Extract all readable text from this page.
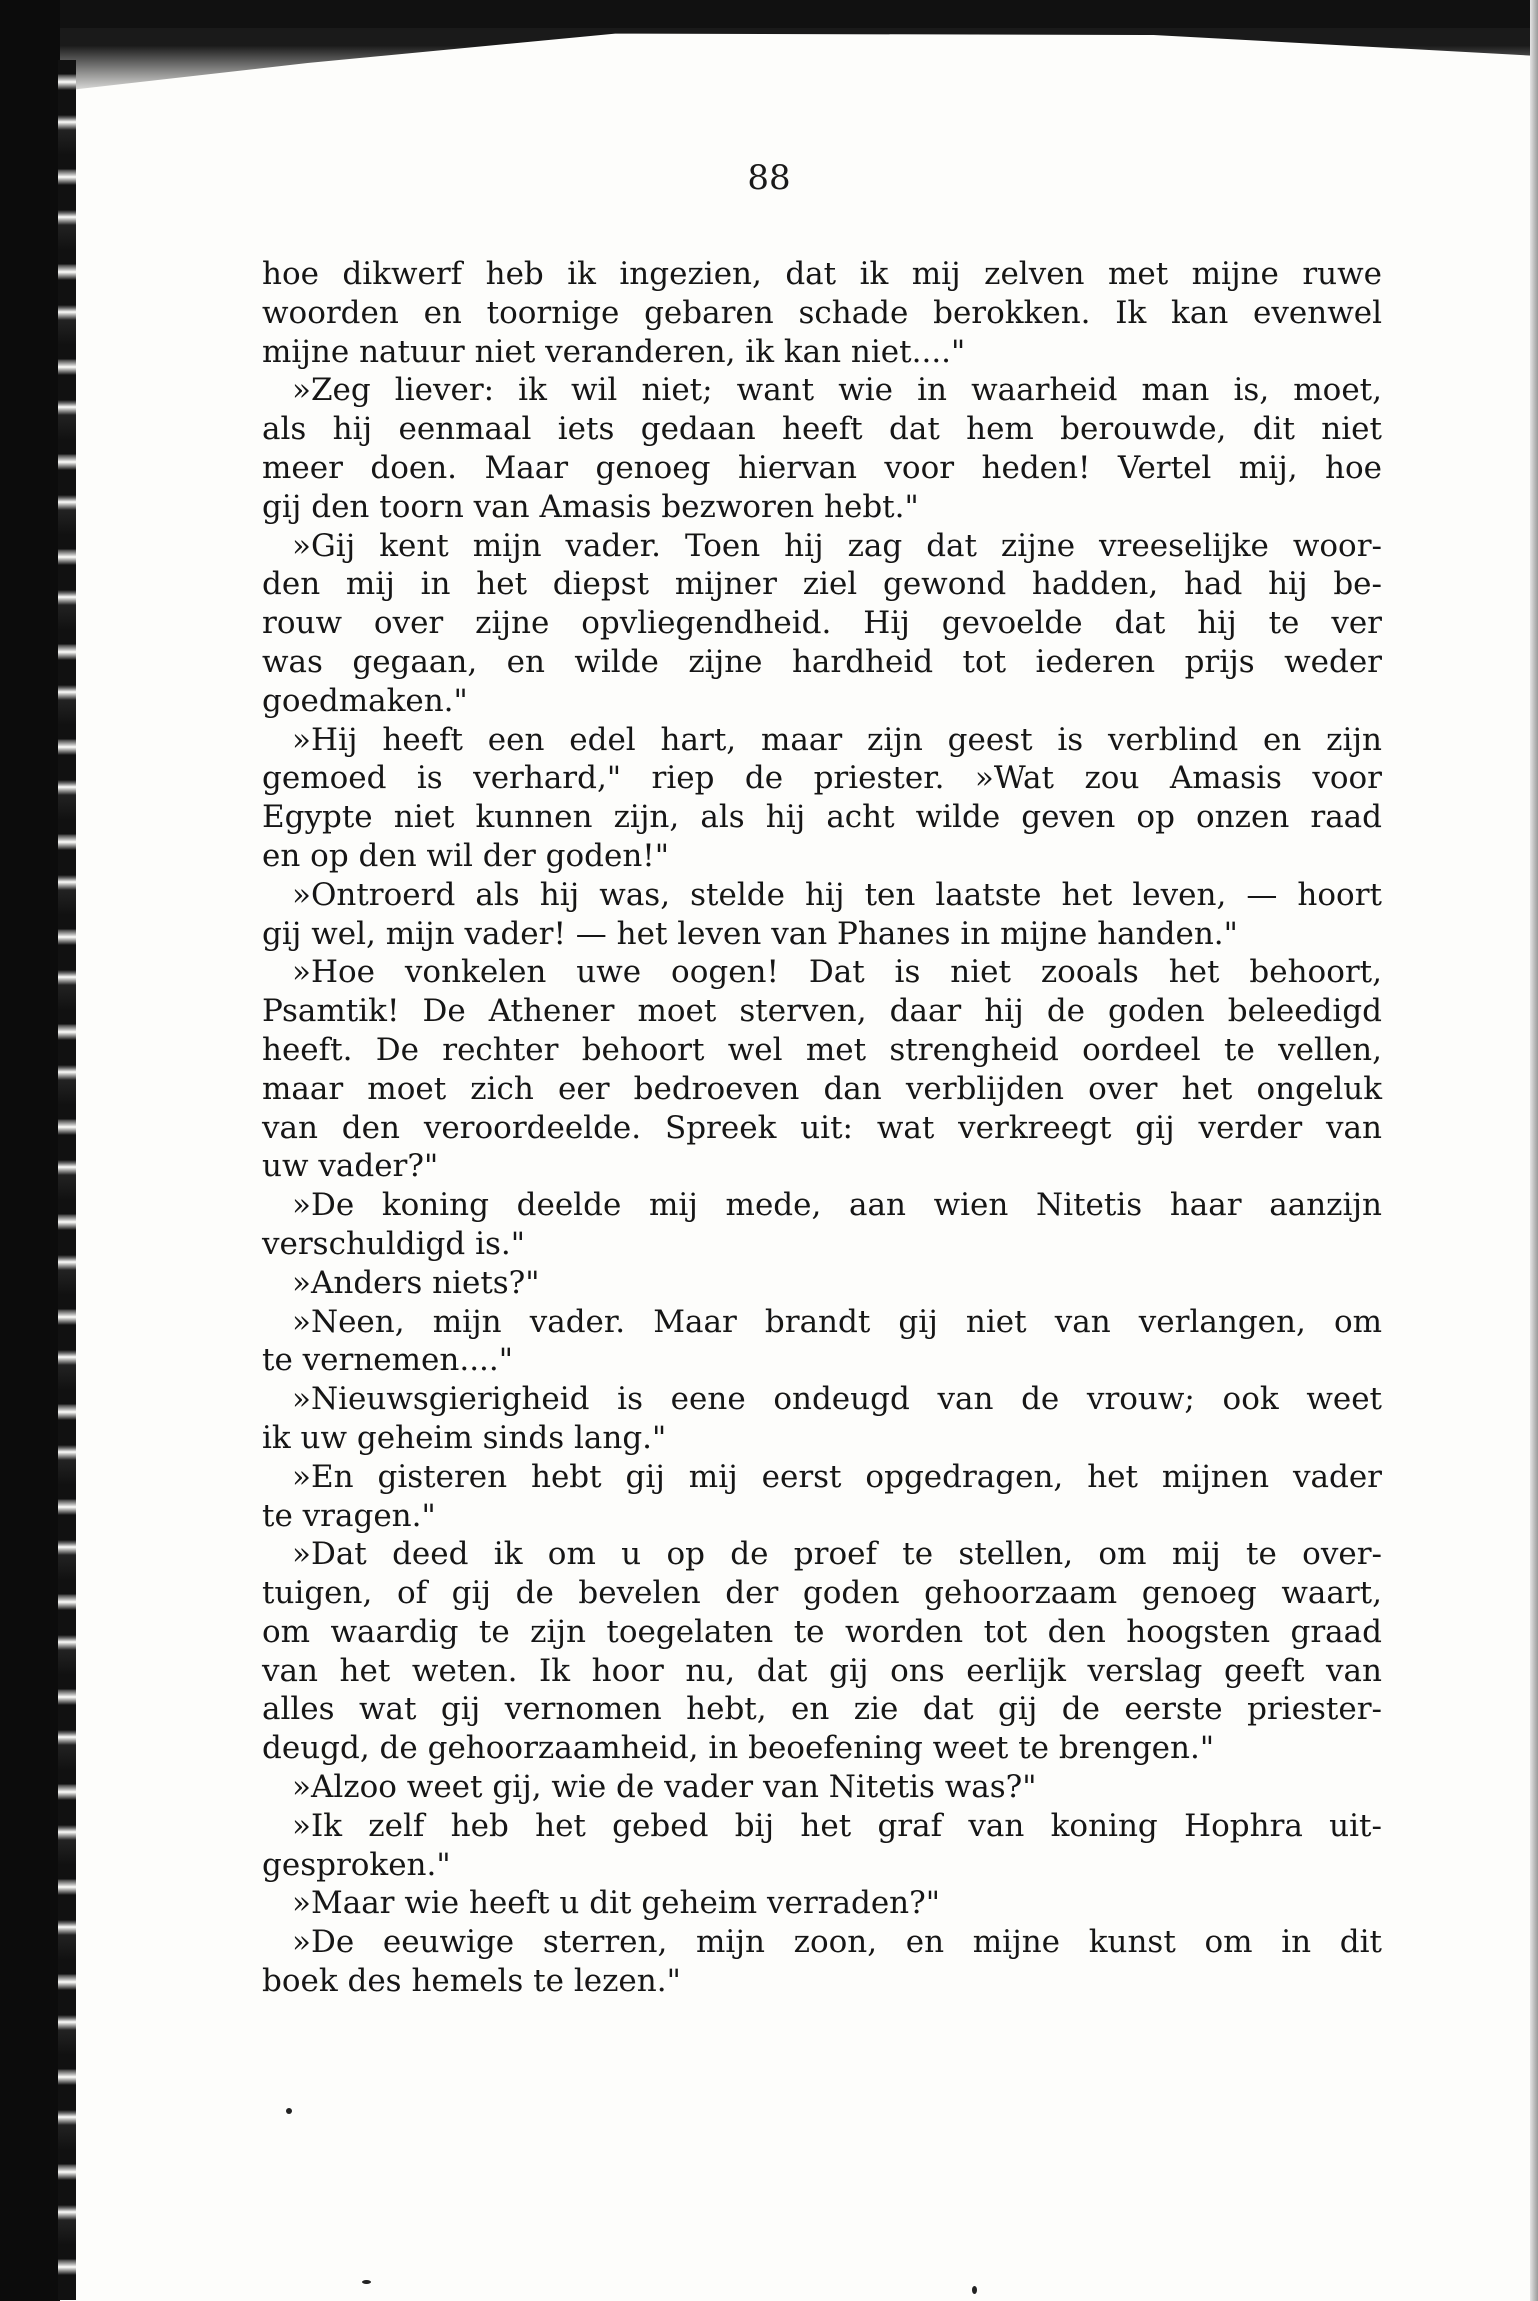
88
hoe dikwerf heb ik ingezien, dat ik mij zelven met mijne ruwe
woorden en toornige gebaren schade berokken. Ik kan evenwel
mijne natuur niet veranderen, ik kan niet...."
»Zeg liever: ik wil niet; want wie in waarheid man is, moet,
als hij eenmaal iets gedaan heeft dat hem berouwde, dit niet
meer doen. Maar genoeg hiervan voor heden! Vertel mij, hoe
gij den toorn van Amasis bezworen hebt."
»Gij kent mijn vader. Toen hij zag dat zijne vreeselijke woor-
den mij in het diepst mijner ziel gewond hadden, had hij be-
rouw over zijne opvliegendheid. Hij gevoelde dat hij te ver
was gegaan, en wilde zijne hardheid tot iederen prijs weder
goedmaken."
»Hij heeft een edel hart, maar zijn geest is verblind en zijn
gemoed is verhard," riep de priester. »Wat zou Amasis voor
Egypte niet kunnen zijn, als hij acht wilde geven op onzen raad
en op den wil der goden!"
»Ontroerd als hij was, stelde hij ten laatste het leven, — hoort
gij wel, mijn vader! — het leven van Phanes in mijne handen."
»Hoe vonkelen uwe oogen! Dat is niet zooals het behoort,
Psamtik! De Athener moet sterven, daar hij de goden beleedigd
heeft. De rechter behoort wel met strengheid oordeel te vellen,
maar moet zich eer bedroeven dan verblijden over het ongeluk
van den veroordeelde. Spreek uit: wat verkreegt gij verder van
uw vader?"
»De koning deelde mij mede, aan wien Nitetis haar aanzijn
verschuldigd is."
»Anders niets?"
»Neen, mijn vader. Maar brandt gij niet van verlangen, om
te vernemen...."
»Nieuwsgierigheid is eene ondeugd van de vrouw; ook weet
ik uw geheim sinds lang."
»En gisteren hebt gij mij eerst opgedragen, het mijnen vader
te vragen."
»Dat deed ik om u op de proef te stellen, om mij te over-
tuigen, of gij de bevelen der goden gehoorzaam genoeg waart,
om waardig te zijn toegelaten te worden tot den hoogsten graad
van het weten. Ik hoor nu, dat gij ons eerlijk verslag geeft van
alles wat gij vernomen hebt, en zie dat gij de eerste priester-
deugd, de gehoorzaamheid, in beoefening weet te brengen."
»Alzoo weet gij, wie de vader van Nitetis was?"
»Ik zelf heb het gebed bij het graf van koning Hophra uit-
gesproken."
»Maar wie heeft u dit geheim verraden?"
»De eeuwige sterren, mijn zoon, en mijne kunst om in dit
boek des hemels te lezen."
